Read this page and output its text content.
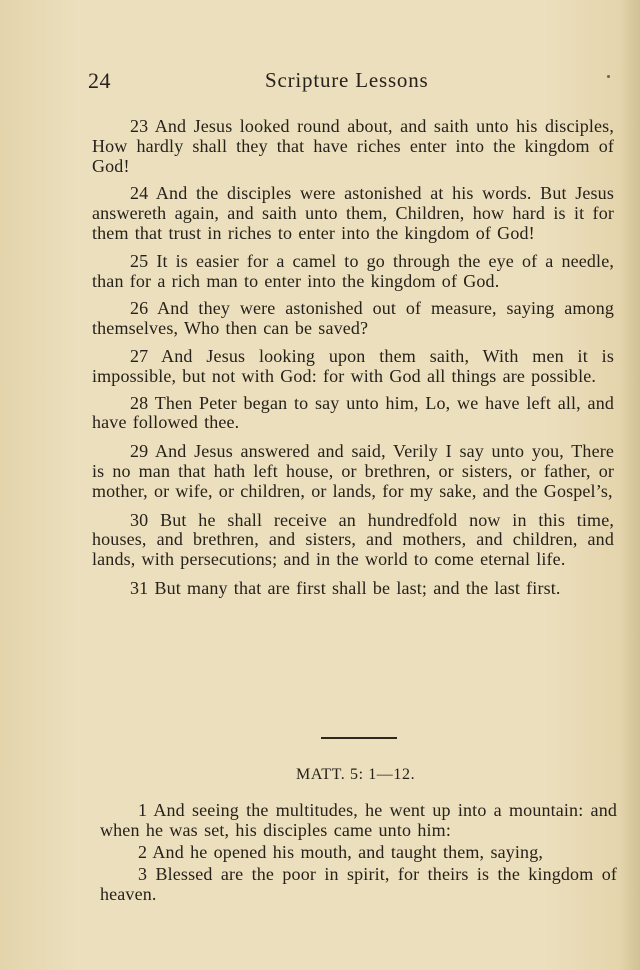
24	Scripture Lessons

23 And Jesus looked round about, and saith unto his disciples, How hardly shall they that have riches enter into the kingdom of God!

24 And the disciples were astonished at his words. But Jesus answereth again, and saith unto them, Children, how hard is it for them that trust in riches to enter into the kingdom of God!

25 It is easier for a camel to go through the eye of a needle, than for a rich man to enter into the kingdom of God.

26 And they were astonished out of measure, saying among themselves, Who then can be saved?

27 And Jesus looking upon them saith, With men it is impossible, but not with God: for with God all things are possible.

28 Then Peter began to say unto him, Lo, we have left all, and have followed thee.

29 And Jesus answered and said, Verily I say unto you, There is no man that hath left house, or brethren, or sisters, or father, or mother, or wife, or children, or lands, for my sake, and the Gospel’s,

30 But he shall receive an hundredfold now in this time, houses, and brethren, and sisters, and mothers, and children, and lands, with persecutions; and in the world to come eternal life.

31 But many that are first shall be last; and the last first.

MATT. 5: 1—12.

1 And seeing the multitudes, he went up into a mountain: and when he was set, his disciples came unto him:

2 And he opened his mouth, and taught them, saying,

3 Blessed are the poor in spirit, for theirs is the kingdom of heaven.
